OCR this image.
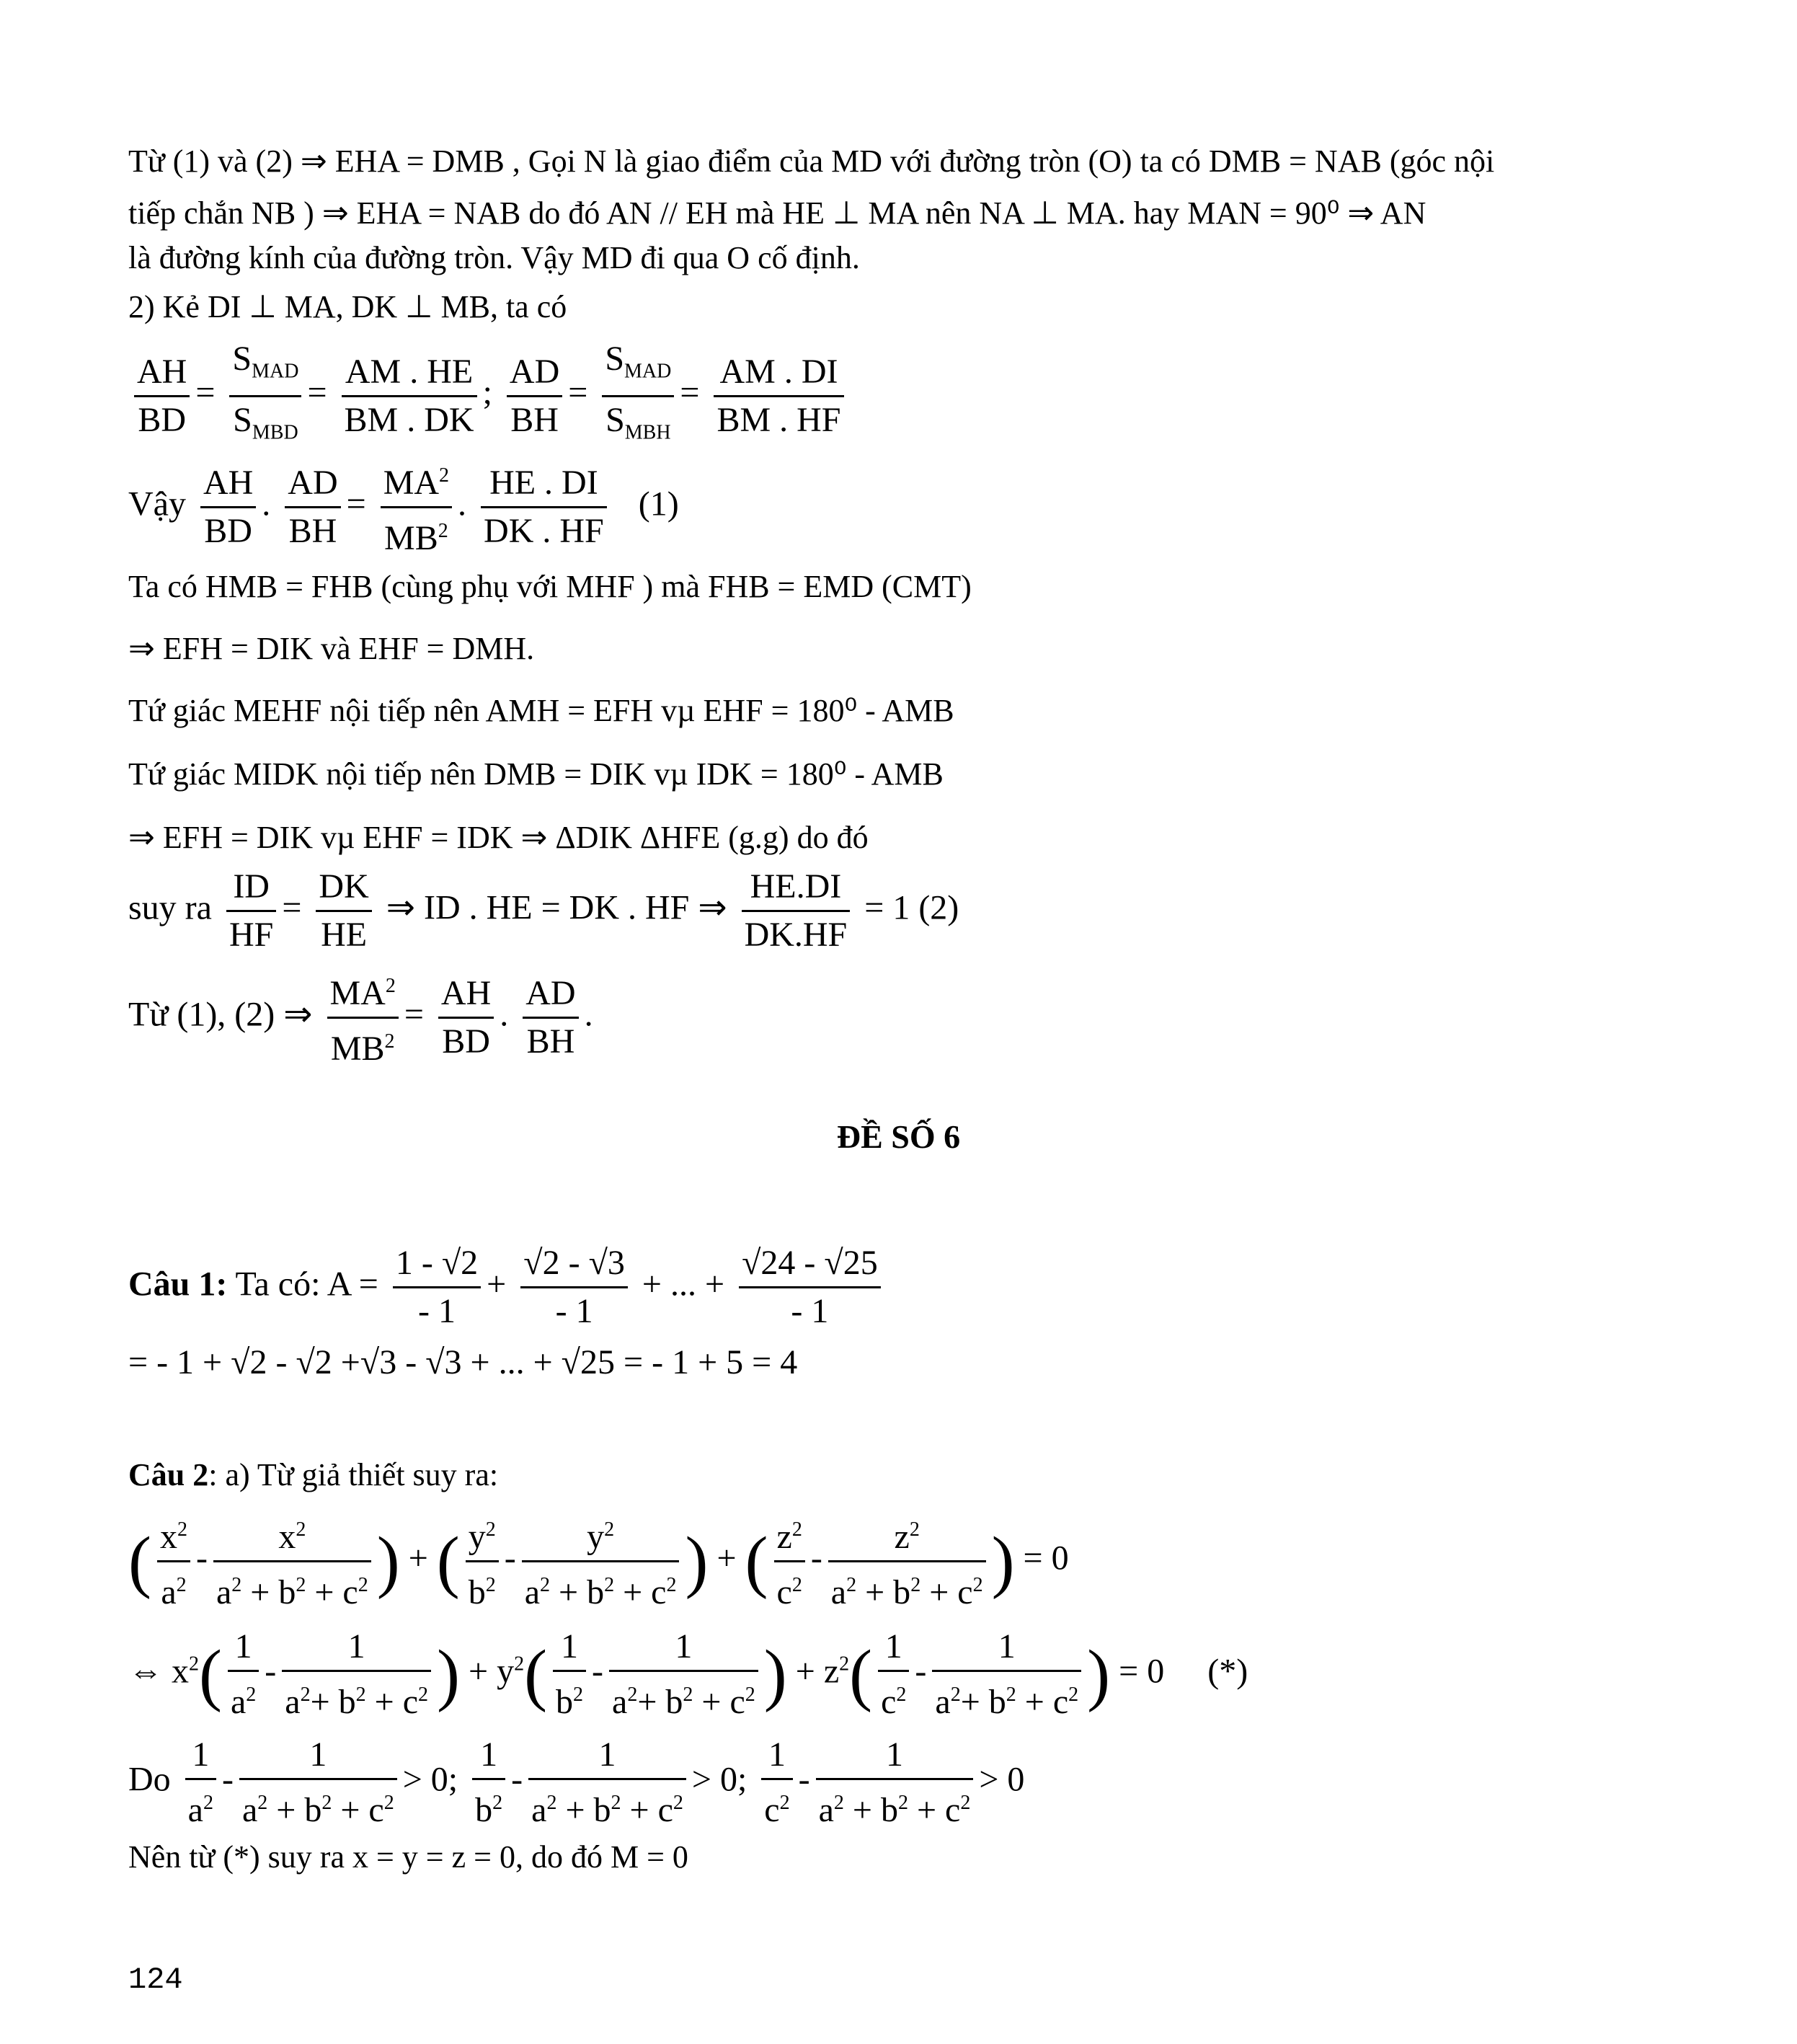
Từ (1) và (2) ⇒ EHA = DMB , Gọi N là giao điểm của MD với đường tròn (O) ta có DMB = NAB (góc nội
tiếp chắn NB ) ⇒ EHA = NAB do đó AN // EH mà HE ⊥ MA nên NA ⊥ MA. hay MAN = 90⁰ ⇒ AN
là đường kính của đường tròn. Vậy MD đi qua O cố định.
2) Kẻ DI ⊥ MA, DK ⊥ MB, ta có
$\frac{AH}{BD} = \frac{S_{MAD}}{S_{MBD}} = \frac{AM . HE}{BM . DK}$ ; $\frac{AD}{BH} = \frac{S_{MAD}}{S_{MBH}} = \frac{AM . DI}{BM . HF}$
Vậy $\frac{AH}{BD}$ . $\frac{AD}{BH} = \frac{MA^2}{MB^2}$ . $\frac{HE . DI}{DK . HF} (1)$
Ta có HMB = FHB (cùng phụ với MHF ) mà FHB = EMD (CMT)
⇒ EFH = DIK và EHF = DMH.
Tứ giác MEHF nội tiếp nên AMH = EFH vµ EHF = 180⁰ - AMB
Tứ giác MIDK nội tiếp nên DMB = DIK vµ IDK = 180⁰ - AMB
⇒ EFH = DIK vµ EHF = IDK ⇒ ΔDIK ΔHFE (g.g) do đó
suy ra $\frac{ID}{HF} = \frac{DK}{HE}$ ⇒ ID . HE = DK . HF ⇒ $\frac{HE.DI}{DK.HF} = 1$ (2)
Từ (1), (2) ⇒ $\frac{MA^2}{MB^2} = \frac{AH}{BD}$ . $\frac{AD}{BH}$ .
ĐỀ SỐ 6
Câu 1: Ta có: $A = \frac{1 - √2}{- 1} + \frac{√2 - √3}{- 1}$ + ... + $\frac{√24 - √25}{- 1}$
= - 1 + √2 - √2 +√3 - √3 + ... + √25 = - 1 + 5 = 4
Câu 2: a) Từ giả thiết suy ra:
( $\frac{x^2}{a^2} - \frac{x^2}{a^2 + b^2 + c^2}$ ) + ( $\frac{y^2}{b^2} - \frac{y^2}{a^2 + b^2 + c^2}$ ) + ( $\frac{z^2}{c^2} - \frac{z^2}{a^2 + b^2 + c^2}$ ) = 0
⇔ $x^2( \frac{1}{a^2} - \frac{1}{a^2+ b^2 + c^2}$ ) + $y^2( \frac{1}{b^2} - \frac{1}{a^2+ b^2 + c^2}$ ) + $z^2( \frac{1}{c^2} - \frac{1}{a^2+ b^2 + c^2}$ ) = 0     (*)
Do $\frac{1}{a^2} - \frac{1}{a^2 + b^2 + c^2} > 0$; $\frac{1}{b^2} - \frac{1}{a^2 + b^2 + c^2} > 0$; $\frac{1}{c^2} - \frac{1}{a^2 + b^2 + c^2} > 0$
Nên từ (*) suy ra x = y = z = 0, do đó M = 0
124
